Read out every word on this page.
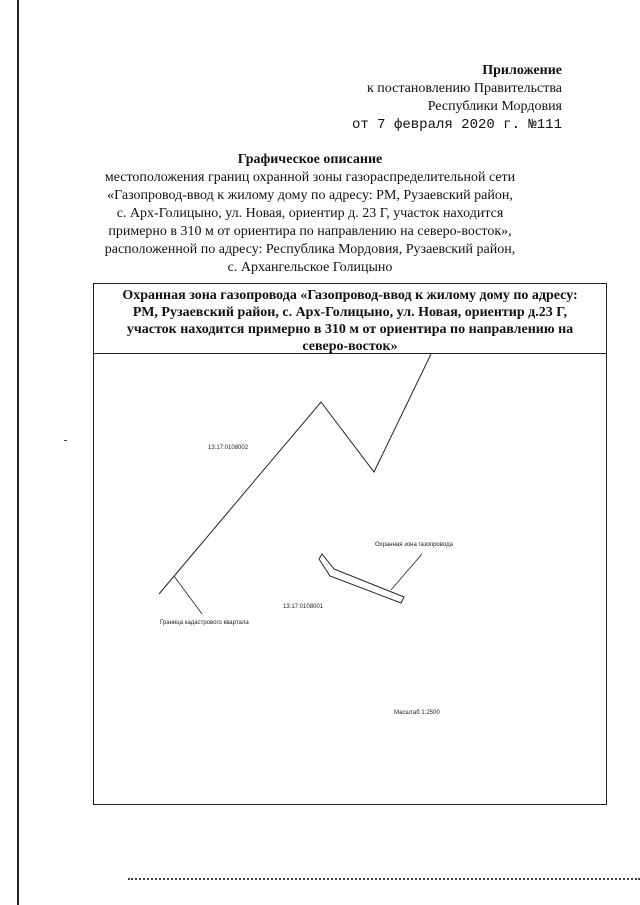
Приложение
к постановлению Правительства
Республики Мордовия
от 7 февраля 2020 г. №111
Графическое описание
местоположения границ охранной зоны газораспределительной сети
«Газопровод-ввод к жилому дому по адресу: РМ, Рузаевский район,
с. Арх-Голицыно, ул. Новая, ориентир д. 23 Г, участок находится
примерно в 310 м от ориентира по направлению на северо-восток»,
расположенной по адресу: Республика Мордовия, Рузаевский район,
с. Архангельское Голицыно
Охранная зона газопровода «Газопровод-ввод к жилому дому по адресу:
РМ, Рузаевский район, с. Арх-Голицыно, ул. Новая, ориентир д.23 Г,
участок находится примерно в 310 м от ориентира по направлению на
северо-восток»
13:17:0108002
13:17:0108001
Охранная зона газопровода
Граница кадастрового квартала
Масштаб 1:2500
